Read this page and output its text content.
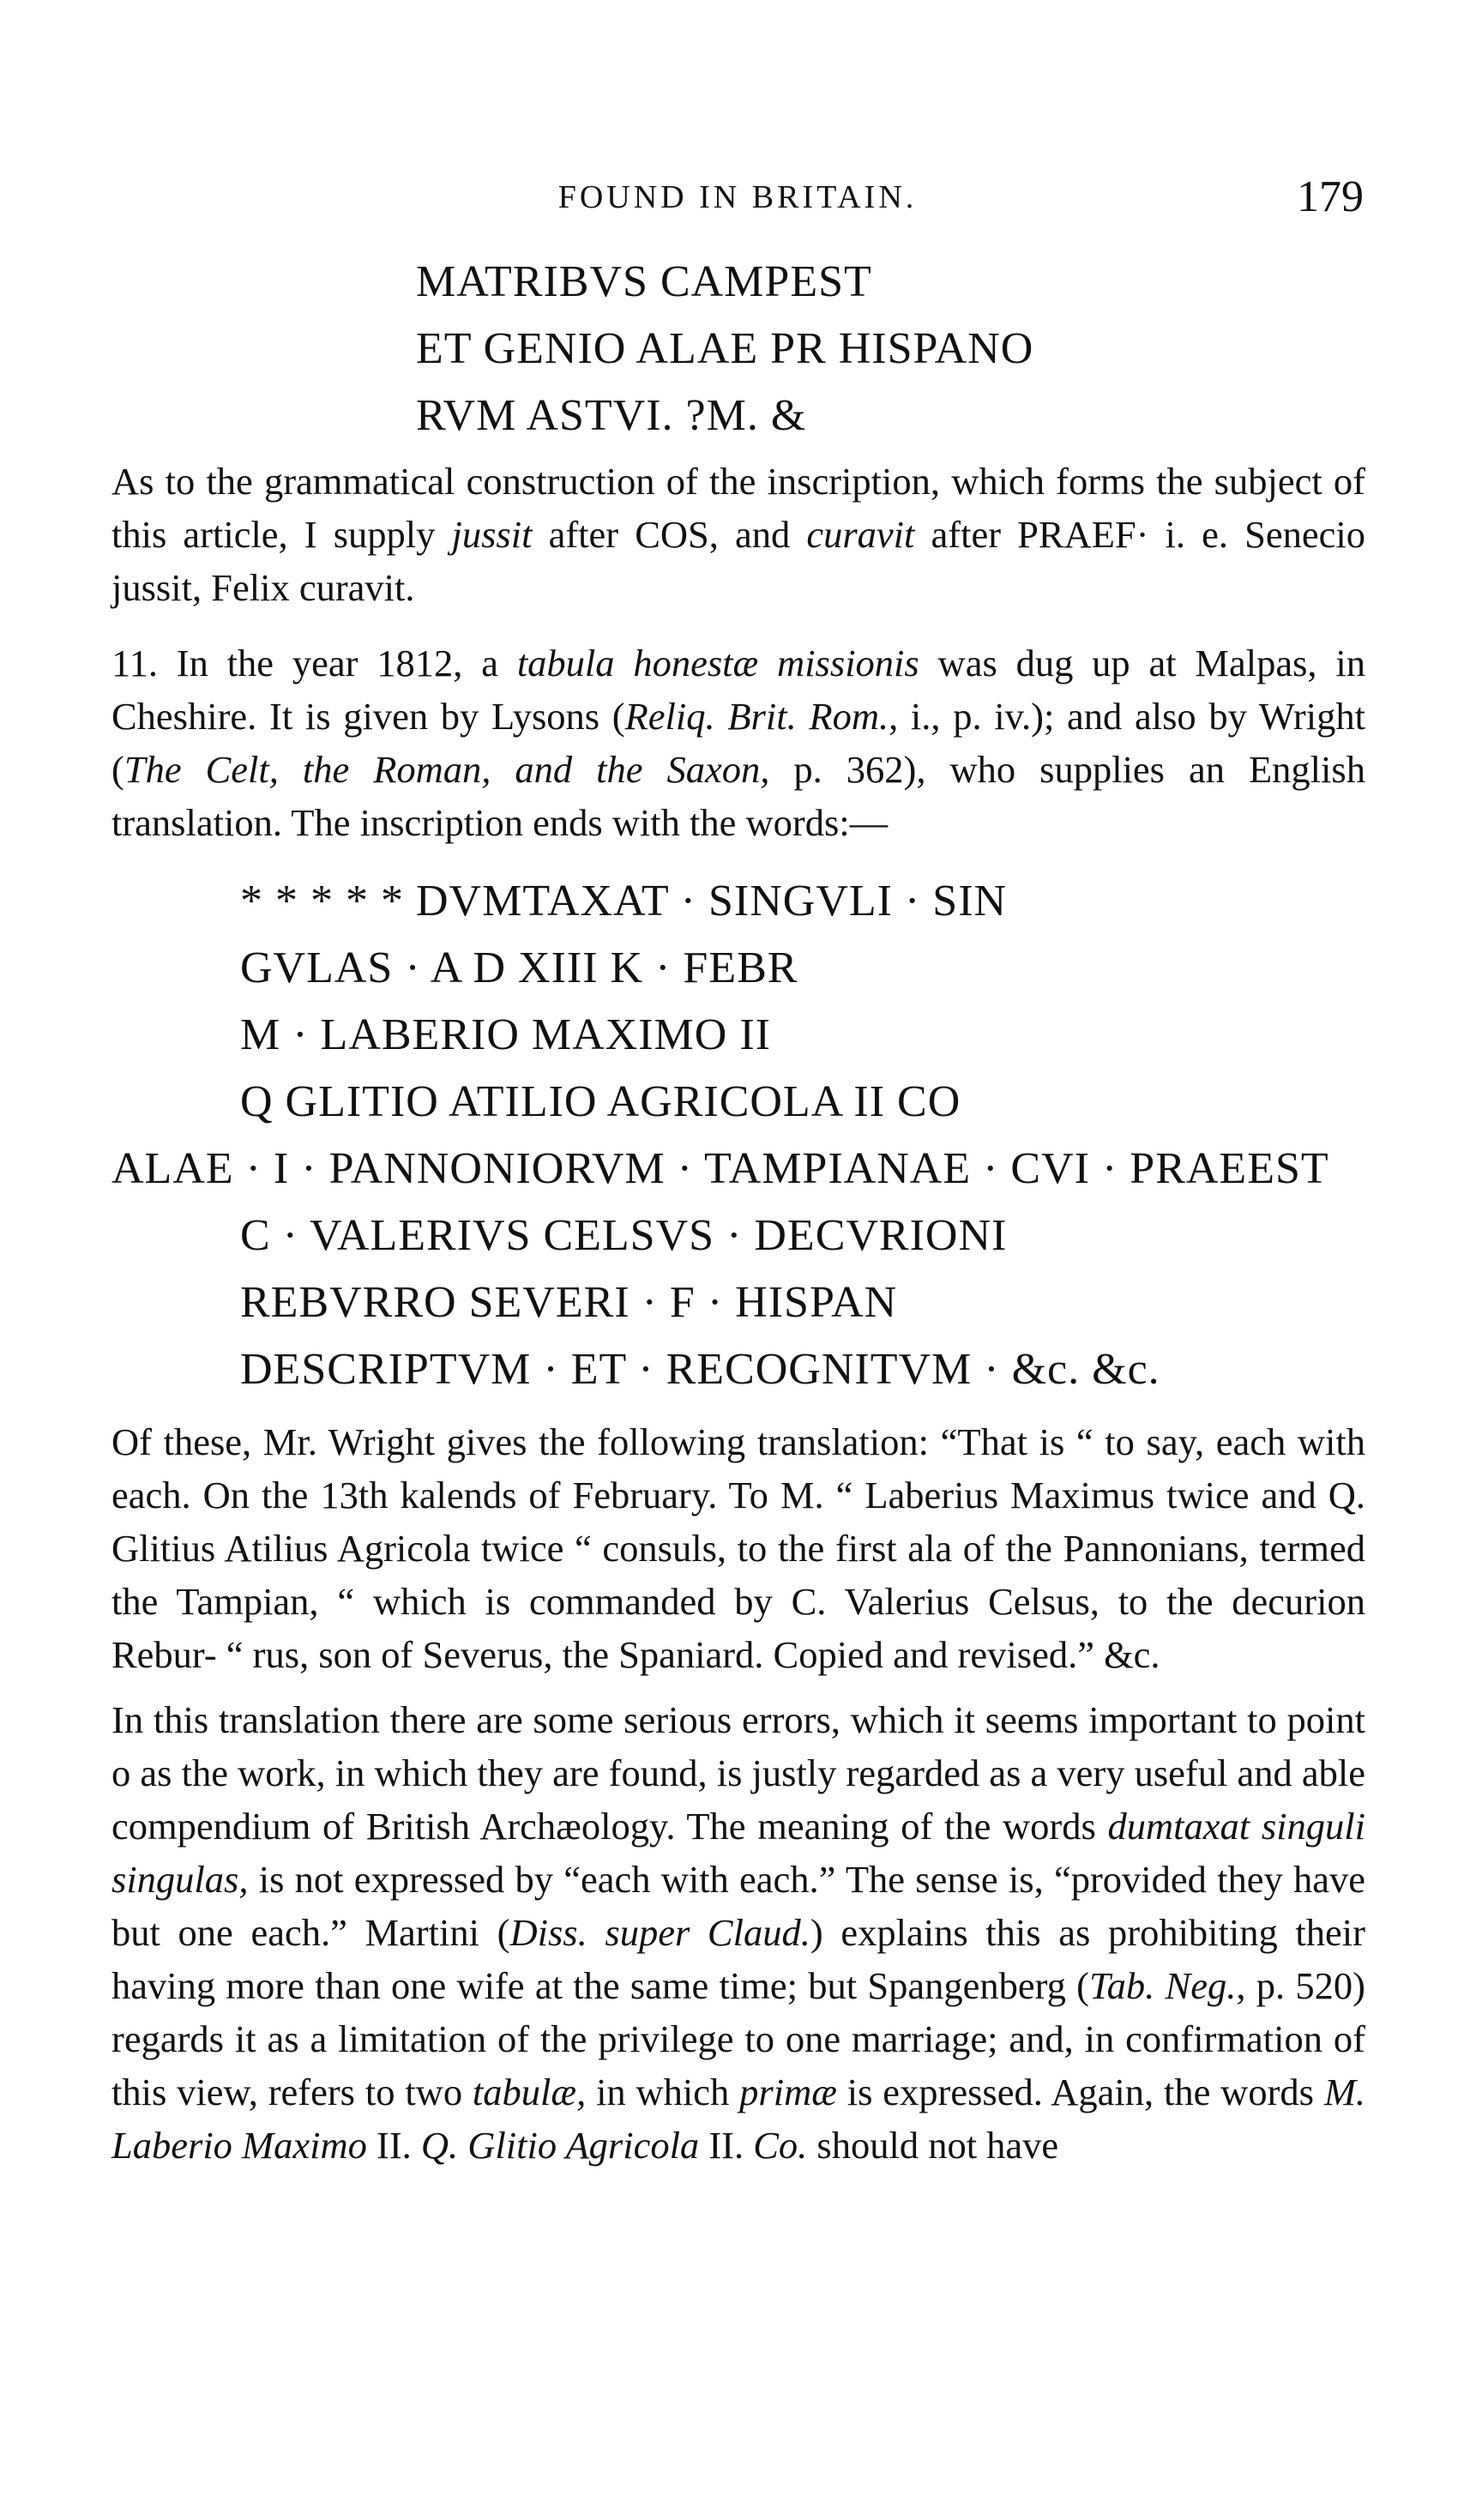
FOUND IN BRITAIN.	179
MATRIBVS CAMPEST
ET GENIO ALAE PR HISPANO
RVM ASTVI. ?M. &

As to the grammatical construction of the inscription, which forms the subject of this article, I supply jussit after COS, and curavit after PRAEF· i. e. Senecio jussit, Felix curavit.

11. In the year 1812, a tabula honestæ missionis was dug up at Malpas, in Cheshire. It is given by Lysons (Reliq. Brit. Rom., i., p. iv.); and also by Wright (The Celt, the Roman, and the Saxon, p. 362), who supplies an English translation. The inscription ends with the words:—

* * * * * DVMTAXAT · SINGVLI · SIN
GVLAS · A D XIII K · FEBR
M · LABERIO MAXIMO II
Q GLITIO ATILIO AGRICOLA II CO
ALAE · I · PANNONIORVM · TAMPIANAE · CVI · PRAEEST
C · VALERIVS CELSVS · DECVRIONI
REBVRRO SEVERI · F · HISPAN
DESCRIPTVM · ET · RECOGNITVM · &c. &c.

Of these, Mr. Wright gives the following translation: “That is “ to say, each with each. On the 13th kalends of February. To M. “ Laberius Maximus twice and Q. Glitius Atilius Agricola twice “ consuls, to the first ala of the Pannonians, termed the Tampian, “ which is commanded by C. Valerius Celsus, to the decurion Rebur- “ rus, son of Severus, the Spaniard. Copied and revised.” &c.

In this translation there are some serious errors, which it seems important to point o as the work, in which they are found, is justly regarded as a very useful and able compendium of British Archæology. The meaning of the words dumtaxat singuli singulas, is not expressed by “each with each.” The sense is, “provided they have but one each.” Martini (Diss. super Claud.) explains this as prohibiting their having more than one wife at the same time; but Spangenberg (Tab. Neg., p. 520) regards it as a limitation of the privilege to one marriage; and, in confirmation of this view, refers to two tabulæ, in which primæ is expressed. Again, the words M. Laberio Maximo II. Q. Glitio Agricola II. Co. should not have
